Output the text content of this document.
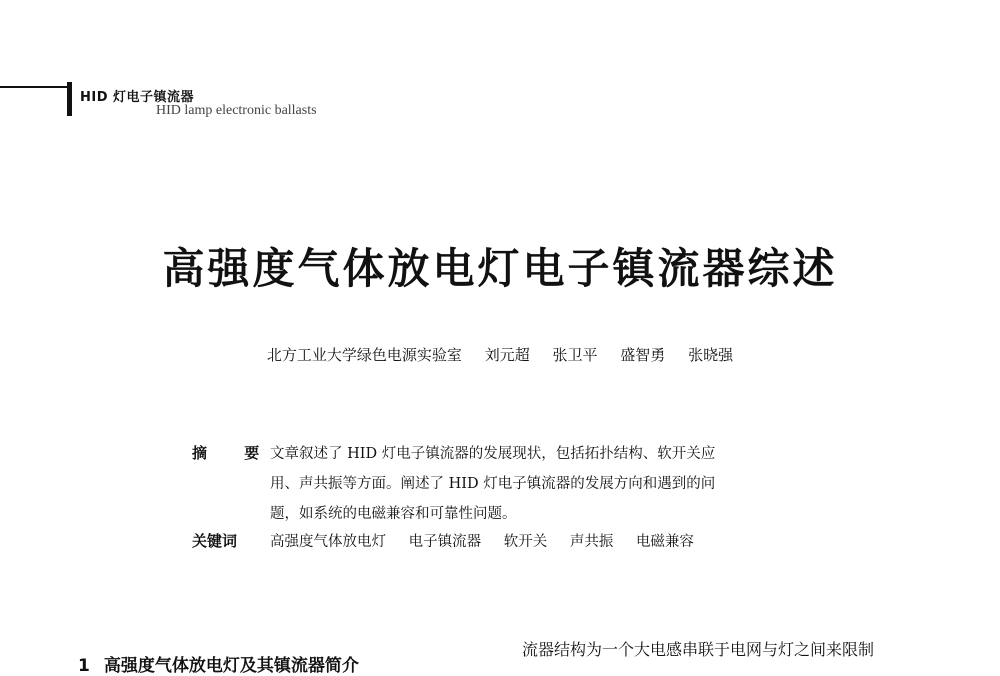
HID 灯电子镇流器
HID lamp electronic ballasts
高强度气体放电灯电子镇流器综述
北方工业大学绿色电源实验室 刘元超 张卫平 盛智勇 张晓强
摘 要
文章叙述了 HID 灯电子镇流器的发展现状，包括拓扑结构、软开关应
用、声共振等方面。阐述了 HID 灯电子镇流器的发展方向和遇到的问
题，如系统的电磁兼容和可靠性问题。
关键词 高强度气体放电灯 电子镇流器 软开关 声共振 电磁兼容
1 高强度气体放电灯及其镇流器简介
流器结构为一个大电感串联于电网与灯之间来限制
